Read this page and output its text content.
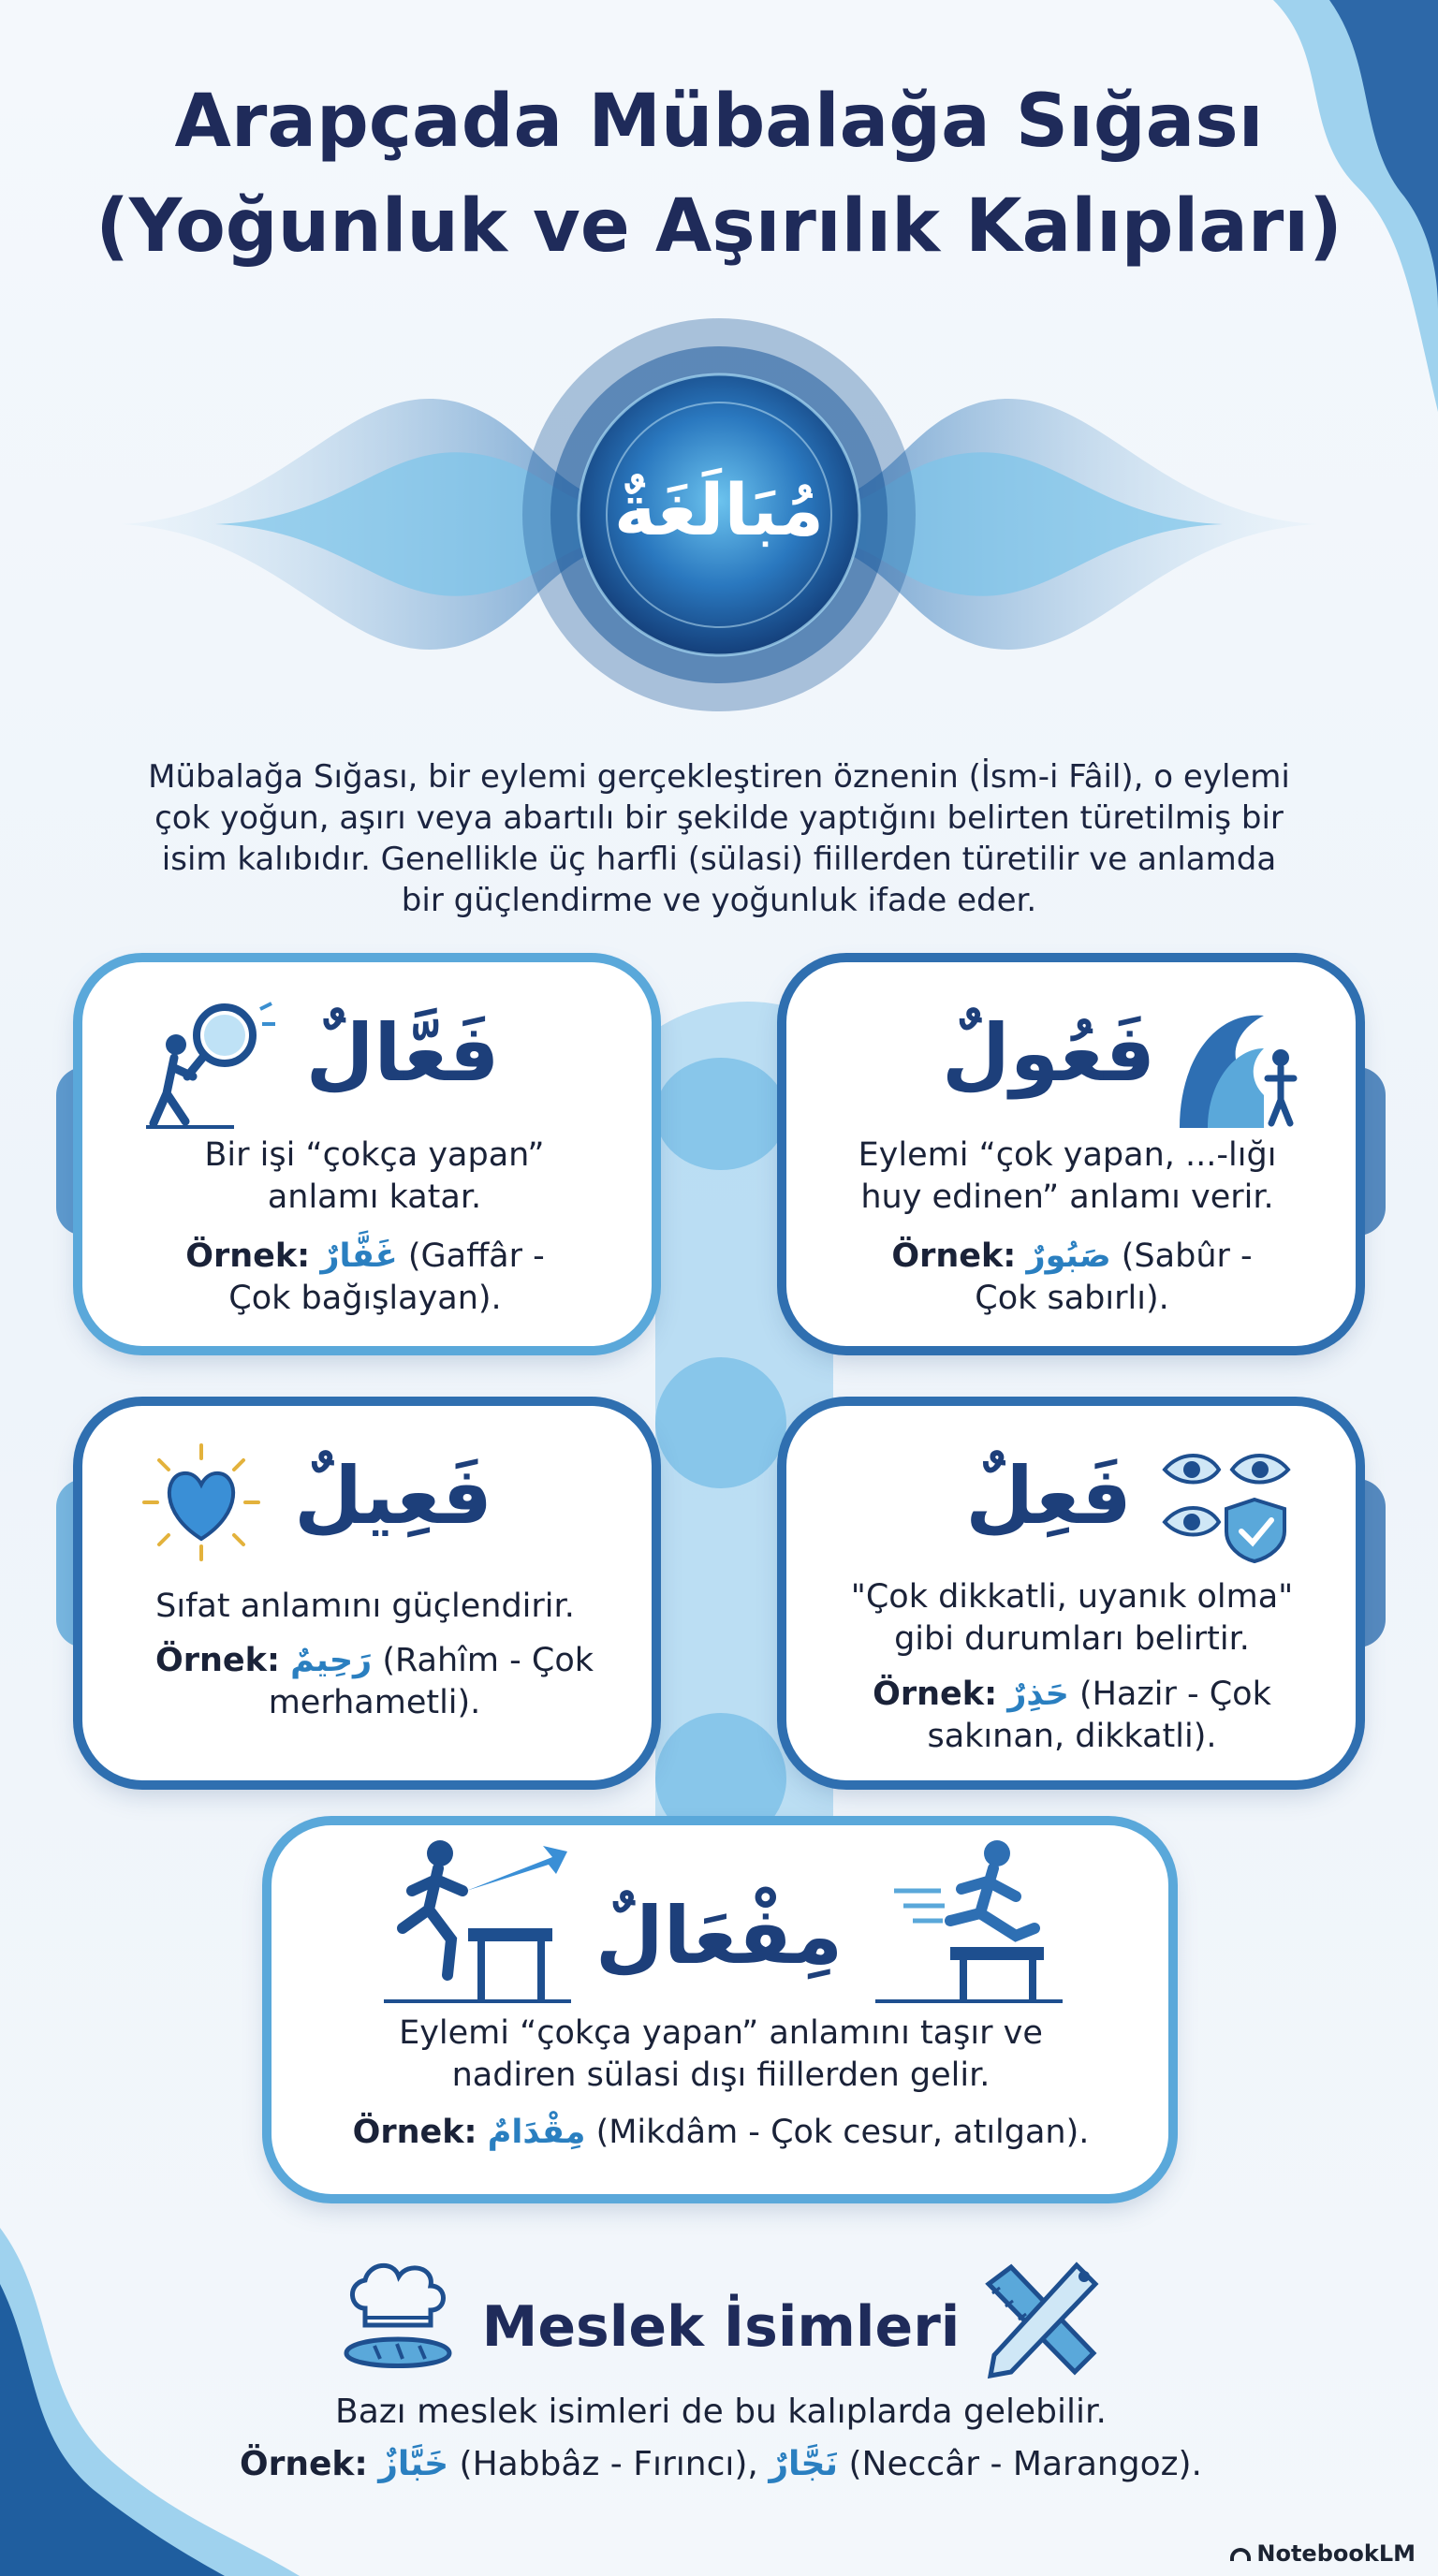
Arapçada Mübalağa Sığası
(Yoğunluk ve Aşırılık Kalıpları)
مُبَالَغَةٌ
Mübalağa Sığası, bir eylemi gerçekleştiren öznenin (İsm-i Fâil), o eylemi çok yoğun, aşırı veya abartılı bir şekilde yaptığını belirten türetilmiş bir isim kalıbıdır. Genellikle üç harfli (sülasi) fiillerden türetilir ve anlamda bir güçlendirme ve yoğunluk ifade eder.
فَعَّالٌ
Bir işi “çokça yapan” anlamı katar.
Örnek: غَفَّارٌ (Gaffâr - Çok bağışlayan).
فَعُولٌ
Eylemi “çok yapan, ...-lığı huy edinen” anlamı verir.
Örnek: صَبُورٌ (Sabûr - Çok sabırlı).
فَعِيلٌ
Sıfat anlamını güçlendirir.
Örnek: رَحِيمٌ (Rahîm - Çok merhametli).
فَعِلٌ
"Çok dikkatli, uyanık olma" gibi durumları belirtir.
Örnek: حَذِرٌ (Hazir - Çok sakınan, dikkatli).
مِفْعَالٌ
Eylemi “çokça yapan” anlamını taşır ve nadiren sülasi dışı fiillerden gelir.
Örnek: مِقْدَامٌ (Mikdâm - Çok cesur, atılgan).
Meslek İsimleri
Bazı meslek isimleri de bu kalıplarda gelebilir.
Örnek: خَبَّازٌ (Habbâz - Fırıncı), نَجَّارٌ (Neccâr - Marangoz).
NotebookLM
